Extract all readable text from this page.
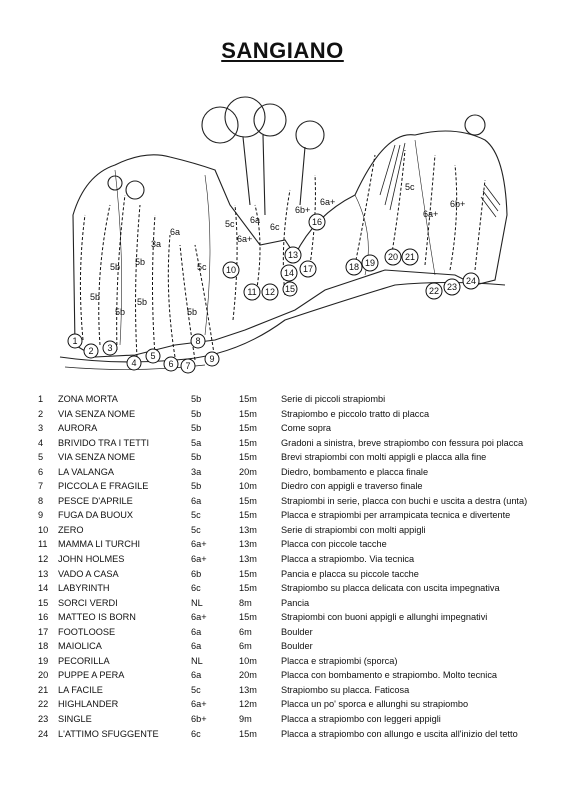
SANGIANO
5b
5b
5b
5b
5b
3a
5b
5c
5c
6a
6a
6b+
6c
6a+
6a+
5c
6a+
6b+
1
2 3
4
5
6 7
8
9
10
11 12
13
14
15
16
17	18 19
20 21
22 23
24
1	ZONA MORTA	5b	15m	Serie di piccoli strapiombi
2	VIA SENZA NOME	5b	15m	Strapiombo e piccolo tratto di placca
3	AURORA	5b	15m	Come sopra
4	BRIVIDO TRA I TETTI	5a	15m	Gradoni a sinistra, breve strapiombo con fessura poi placca
5	VIA SENZA NOME	5b	15m	Brevi strapiombi con molti appigli e placca alla fine
6	LA VALANGA	3a	20m	Diedro, bombamento e placca finale
7	PICCOLA E FRAGILE	5b	10m	Diedro con appigli e traverso finale
8	PESCE D'APRILE	6a	15m	Strapiombi in serie, placca con buchi e uscita a destra (unta)
9	FUGA DA BUOUX	5c	15m	Placca e strapiombi per arrampicata tecnica e divertente
10	ZERO	5c	13m	Serie di strapiombi con molti appigli
11	MAMMA LI TURCHI	6a+	13m	Placca con piccole tacche
12	JOHN HOLMES	6a+	13m	Placca a strapiombo. Via tecnica
13	VADO A CASA	6b	15m	Pancia e placca su piccole tacche
14	LABYRINTH	6c	15m	Strapiombo su placca delicata con uscita impegnativa
15	SORCI VERDI	NL	8m	Pancia
16	MATTEO IS BORN	6a+	15m	Strapiombi con buoni appigli e allunghi impegnativi
17	FOOTLOOSE	6a	6m	Boulder
18	MAIOLICA	6a	6m	Boulder
19	PECORILLA	NL	10m	Placca e strapiombi (sporca)
20	PUPPE A PERA	6a	20m	Placca con bombamento e strapiombo. Molto tecnica
21	LA FACILE	5c	13m	Strapiombo su placca. Faticosa
22	HIGHLANDER	6a+	12m	Placca un po' sporca e allunghi su strapiombo
23	SINGLE	6b+	9m	Placca a strapiombo con leggeri appigli
24	L'ATTIMO SFUGGENTE	6c	15m	Placca a strapiombo con allungo e uscita all'inizio del tetto
